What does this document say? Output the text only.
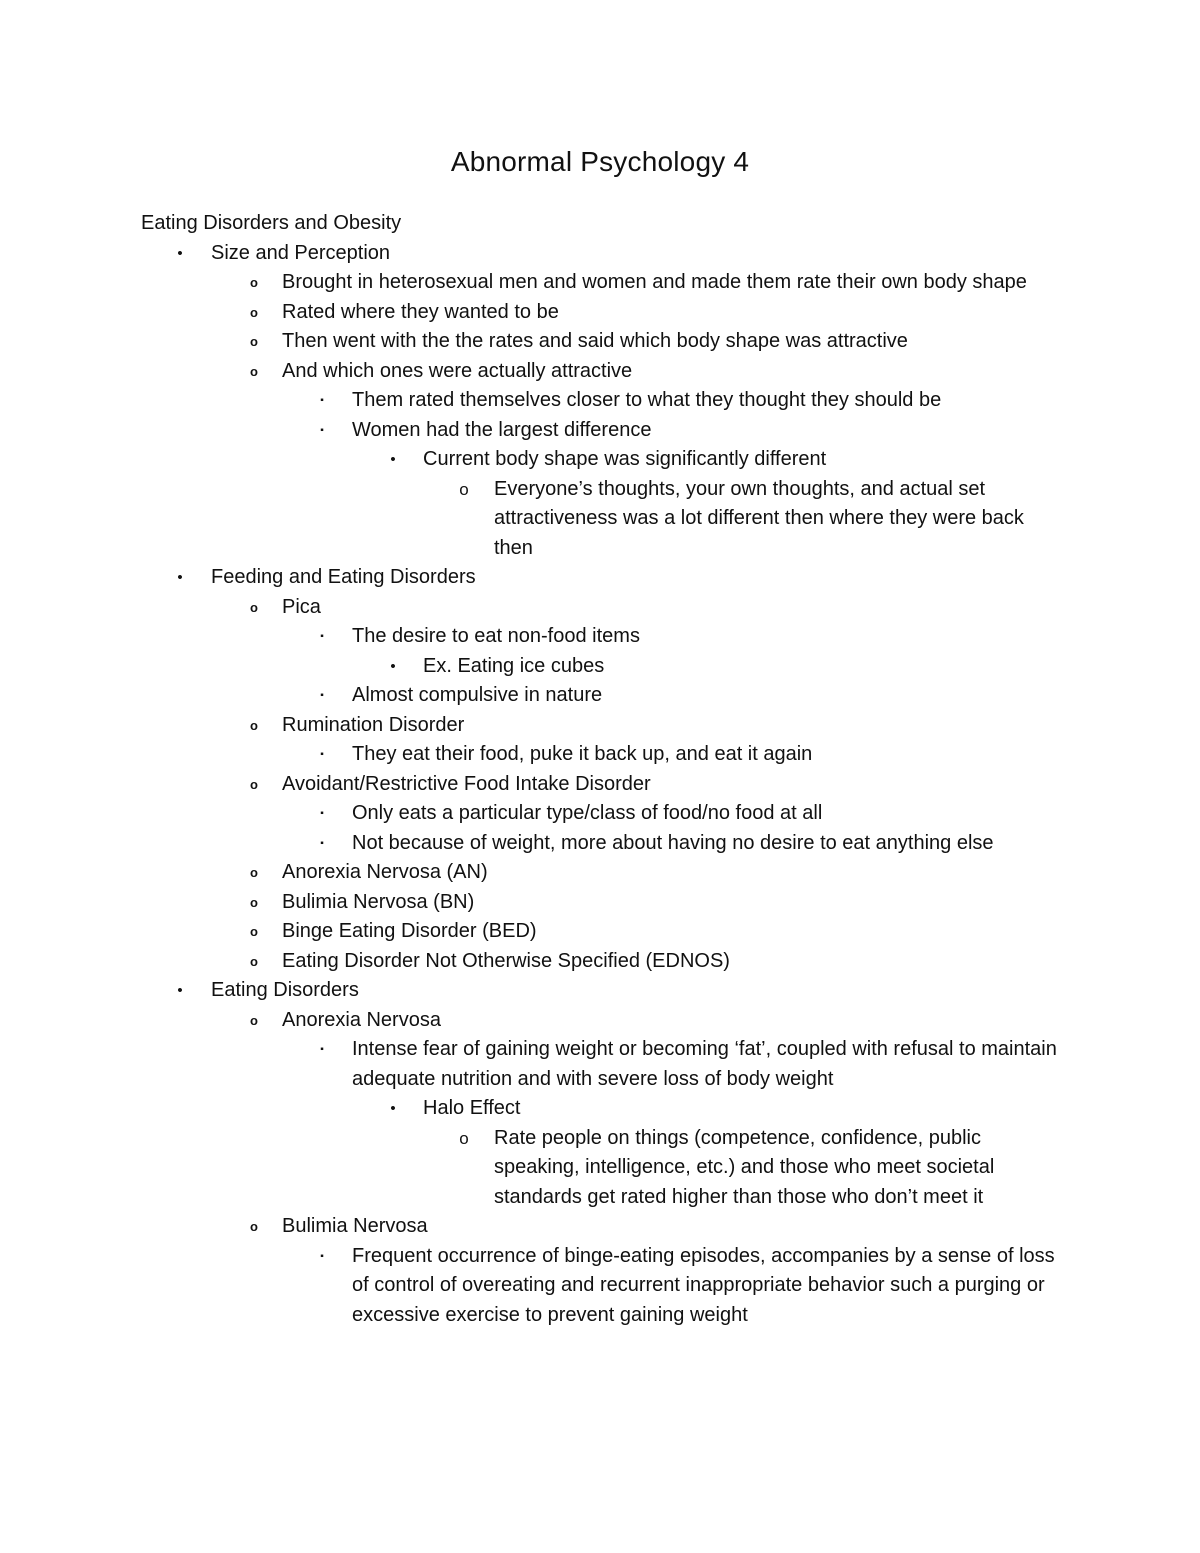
Abnormal Psychology 4
Eating Disorders and Obesity
•	Size and Perception
o	Brought in heterosexual men and women and made them rate their own body shape
o	Rated where they wanted to be
o	Then went with the the rates and said which body shape was attractive
o	And which ones were actually attractive
▪	Them rated themselves closer to what they thought they should be
▪	Women had the largest difference
•	Current body shape was significantly different
o	Everyone’s thoughts, your own thoughts, and actual set attractiveness was a lot different then where they were back then
•	Feeding and Eating Disorders
o	Pica
▪	The desire to eat non-food items
•	Ex. Eating ice cubes
▪	Almost compulsive in nature
o	Rumination Disorder
▪	They eat their food, puke it back up, and eat it again
o	Avoidant/Restrictive Food Intake Disorder
▪	Only eats a particular type/class of food/no food at all
▪	Not because of weight, more about having no desire to eat anything else
o	Anorexia Nervosa (AN)
o	Bulimia Nervosa (BN)
o	Binge Eating Disorder (BED)
o	Eating Disorder Not Otherwise Specified (EDNOS)
•	Eating Disorders
o	Anorexia Nervosa
▪	Intense fear of gaining weight or becoming ‘fat’, coupled with refusal to maintain adequate nutrition and with severe loss of body weight
•	Halo Effect
o	Rate people on things (competence, confidence, public speaking, intelligence, etc.) and those who meet societal standards get rated higher than those who don’t meet it
o	Bulimia Nervosa
▪	Frequent occurrence of binge-eating episodes, accompanies by a sense of loss of control of overeating and recurrent inappropriate behavior such a purging or excessive exercise to prevent gaining weight
